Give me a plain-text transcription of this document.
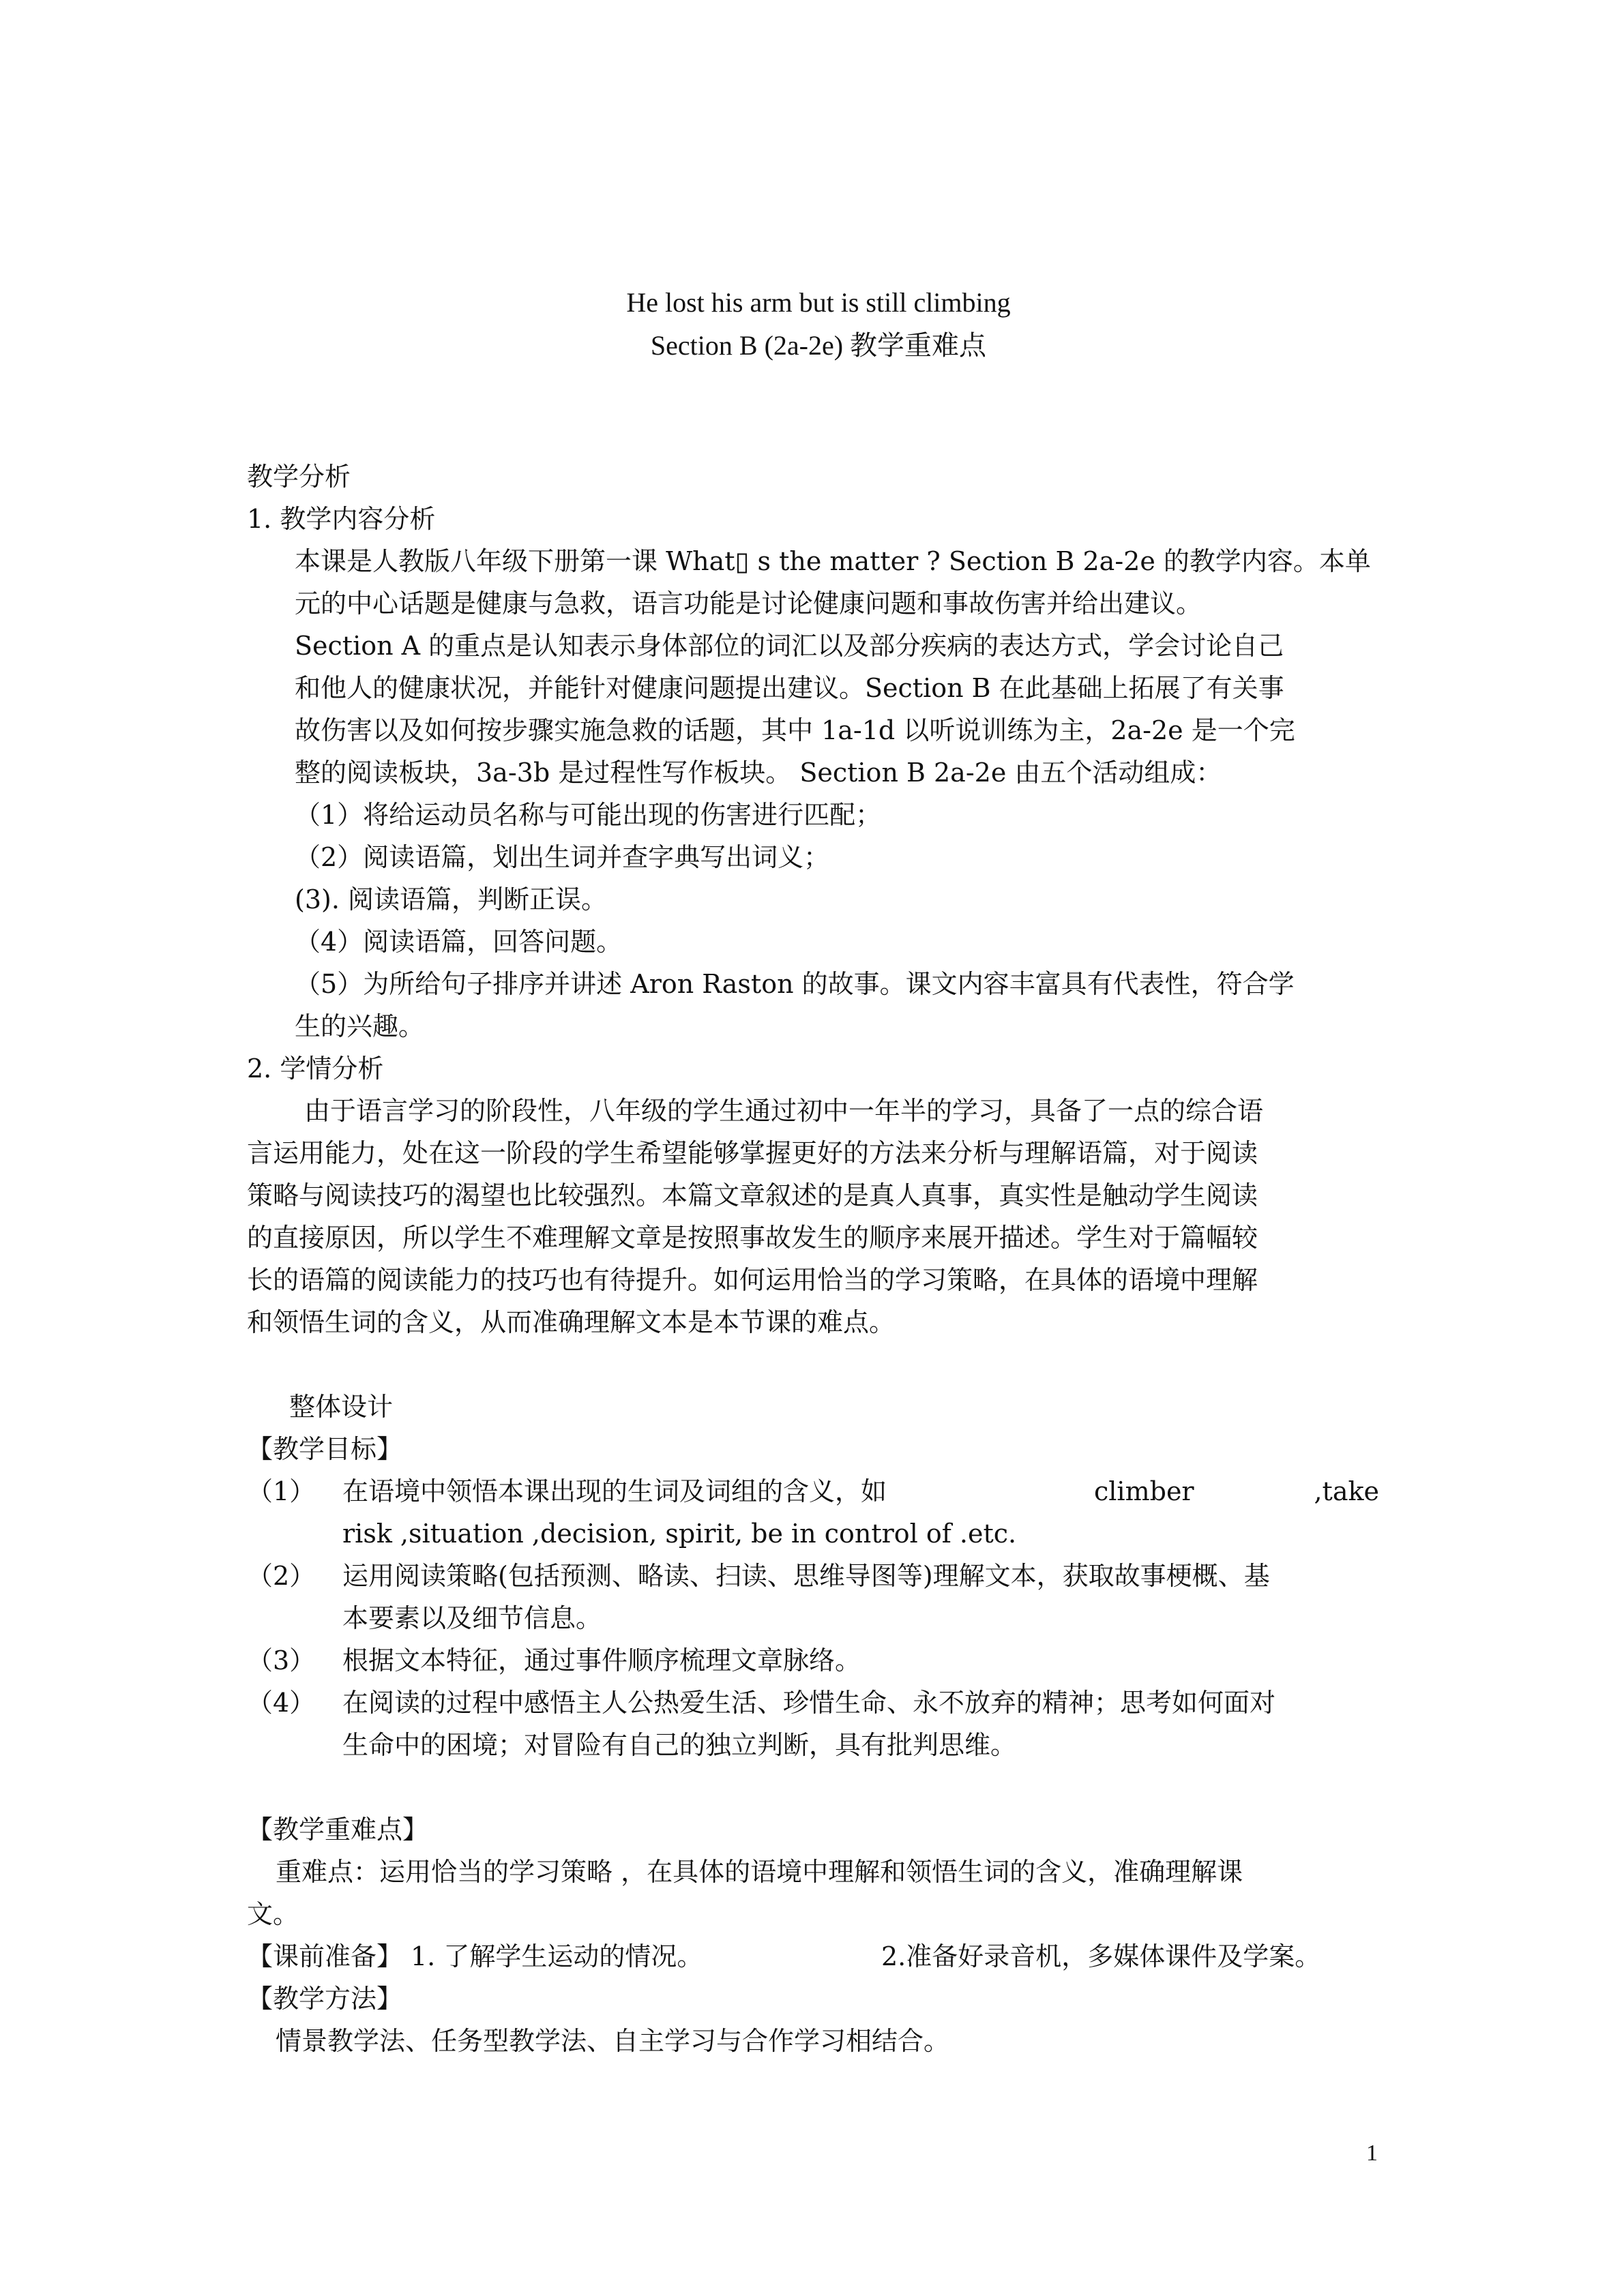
He lost his arm but is still climbing
Section B (2a-2e) 教学重难点
教学分析
1. 教学内容分析
本课是人教版八年级下册第一课 What▯ s the matter ? Section B 2a-2e 的教学内容。本单
元的中心话题是健康与急救，语言功能是讨论健康问题和事故伤害并给出建议。
Section A 的重点是认知表示身体部位的词汇以及部分疾病的表达方式，学会讨论自己
和他人的健康状况，并能针对健康问题提出建议。Section B 在此基础上拓展了有关事
故伤害以及如何按步骤实施急救的话题，其中 1a-1d 以听说训练为主，2a-2e 是一个完
整的阅读板块，3a-3b 是过程性写作板块。 Section B 2a-2e 由五个活动组成：
（1）将给运动员名称与可能出现的伤害进行匹配；
（2）阅读语篇，划出生词并查字典写出词义；
(3). 阅读语篇，判断正误。
（4）阅读语篇，回答问题。
（5）为所给句子排序并讲述 Aron Raston 的故事。课文内容丰富具有代表性，符合学
生的兴趣。
2. 学情分析
由于语言学习的阶段性，八年级的学生通过初中一年半的学习，具备了一点的综合语
言运用能力，处在这一阶段的学生希望能够掌握更好的方法来分析与理解语篇，对于阅读
策略与阅读技巧的渴望也比较强烈。本篇文章叙述的是真人真事，真实性是触动学生阅读
的直接原因，所以学生不难理解文章是按照事故发生的顺序来展开描述。学生对于篇幅较
长的语篇的阅读能力的技巧也有待提升。如何运用恰当的学习策略，在具体的语境中理解
和领悟生词的含义，从而准确理解文本是本节课的难点。
整体设计
【教学目标】
（1） 在语境中领悟本课出现的生词及词组的含义，如	climber	,take
risk ,situation ,decision, spirit, be in control of .etc.
（2） 运用阅读策略(包括预测、略读、扫读、思维导图等)理解文本，获取故事梗概、基
本要素以及细节信息。
（3） 根据文本特征，通过事件顺序梳理文章脉络。
（4） 在阅读的过程中感悟主人公热爱生活、珍惜生命、永不放弃的精神；思考如何面对
生命中的困境；对冒险有自己的独立判断，具有批判思维。
【教学重难点】
重难点：运用恰当的学习策略 ，在具体的语境中理解和领悟生词的含义，准确理解课
文。
【课前准备】 1. 了解学生运动的情况。	2.准备好录音机，多媒体课件及学案。
【教学方法】
情景教学法、任务型教学法、自主学习与合作学习相结合。
1
